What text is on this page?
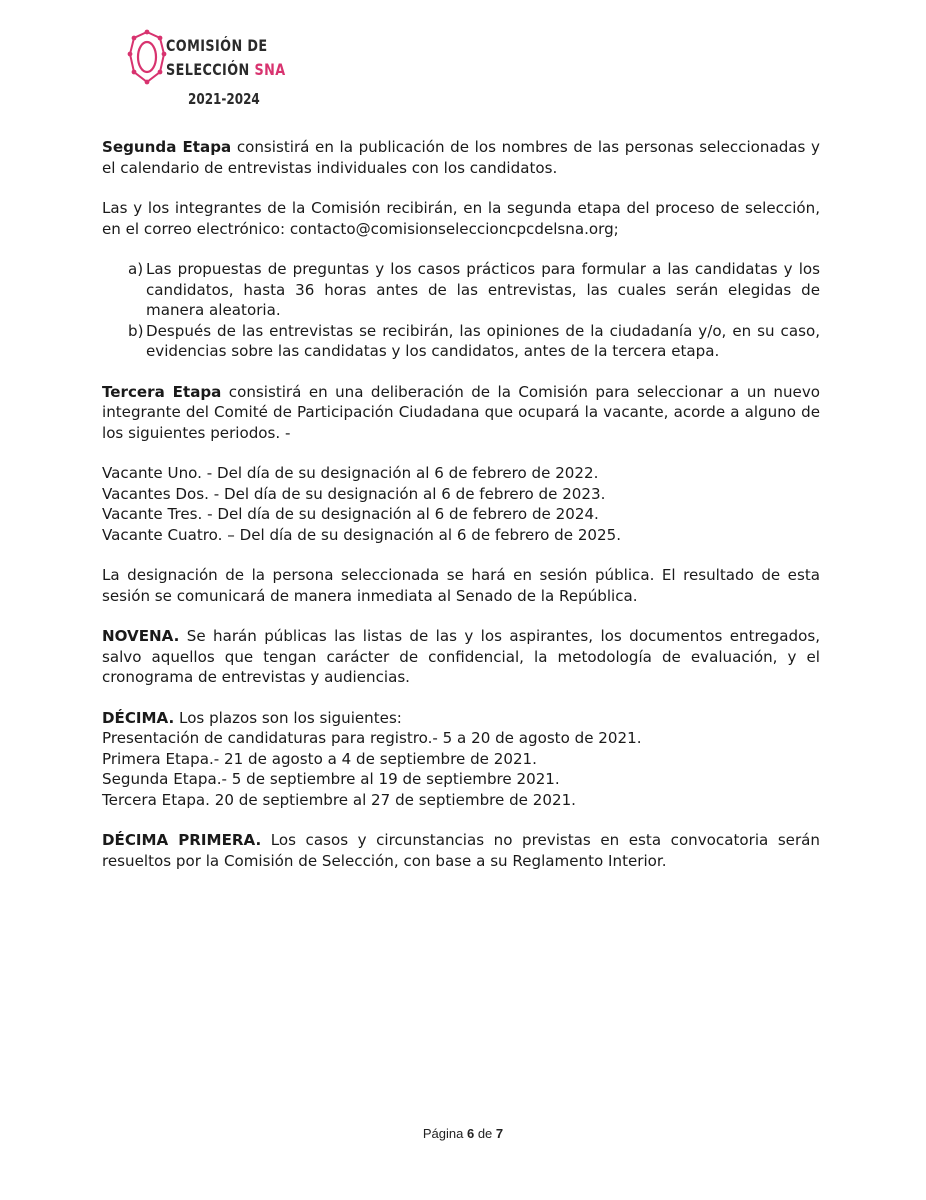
COMISIÓN DE
SELECCIÓN SNA
2021-2024

Segunda Etapa consistirá en la publicación de los nombres de las personas seleccionadas y el calendario de entrevistas individuales con los candidatos.

Las y los integrantes de la Comisión recibirán, en la segunda etapa del proceso de selección, en el correo electrónico: contacto@comisionseleccioncpcdelsna.org;

a) Las propuestas de preguntas y los casos prácticos para formular a las candidatas y los candidatos, hasta 36 horas antes de las entrevistas, las cuales serán elegidas de manera aleatoria.
b) Después de las entrevistas se recibirán, las opiniones de la ciudadanía y/o, en su caso, evidencias sobre las candidatas y los candidatos, antes de la tercera etapa.

Tercera Etapa consistirá en una deliberación de la Comisión para seleccionar a un nuevo integrante del Comité de Participación Ciudadana que ocupará la vacante, acorde a alguno de los siguientes periodos. -

Vacante Uno. - Del día de su designación al 6 de febrero de 2022.
Vacantes Dos. - Del día de su designación al 6 de febrero de 2023.
Vacante Tres. - Del día de su designación al 6 de febrero de 2024.
Vacante Cuatro. – Del día de su designación al 6 de febrero de 2025.

La designación de la persona seleccionada se hará en sesión pública. El resultado de esta sesión se comunicará de manera inmediata al Senado de la República.

NOVENA. Se harán públicas las listas de las y los aspirantes, los documentos entregados, salvo aquellos que tengan carácter de confidencial, la metodología de evaluación, y el cronograma de entrevistas y audiencias.

DÉCIMA. Los plazos son los siguientes:
Presentación de candidaturas para registro.- 5 a 20 de agosto de 2021.
Primera Etapa.- 21 de agosto a 4 de septiembre de 2021.
Segunda Etapa.- 5 de septiembre al 19 de septiembre 2021.
Tercera Etapa. 20 de septiembre al 27 de septiembre de 2021.

DÉCIMA PRIMERA. Los casos y circunstancias no previstas en esta convocatoria serán resueltos por la Comisión de Selección, con base a su Reglamento Interior.

Página 6 de 7
